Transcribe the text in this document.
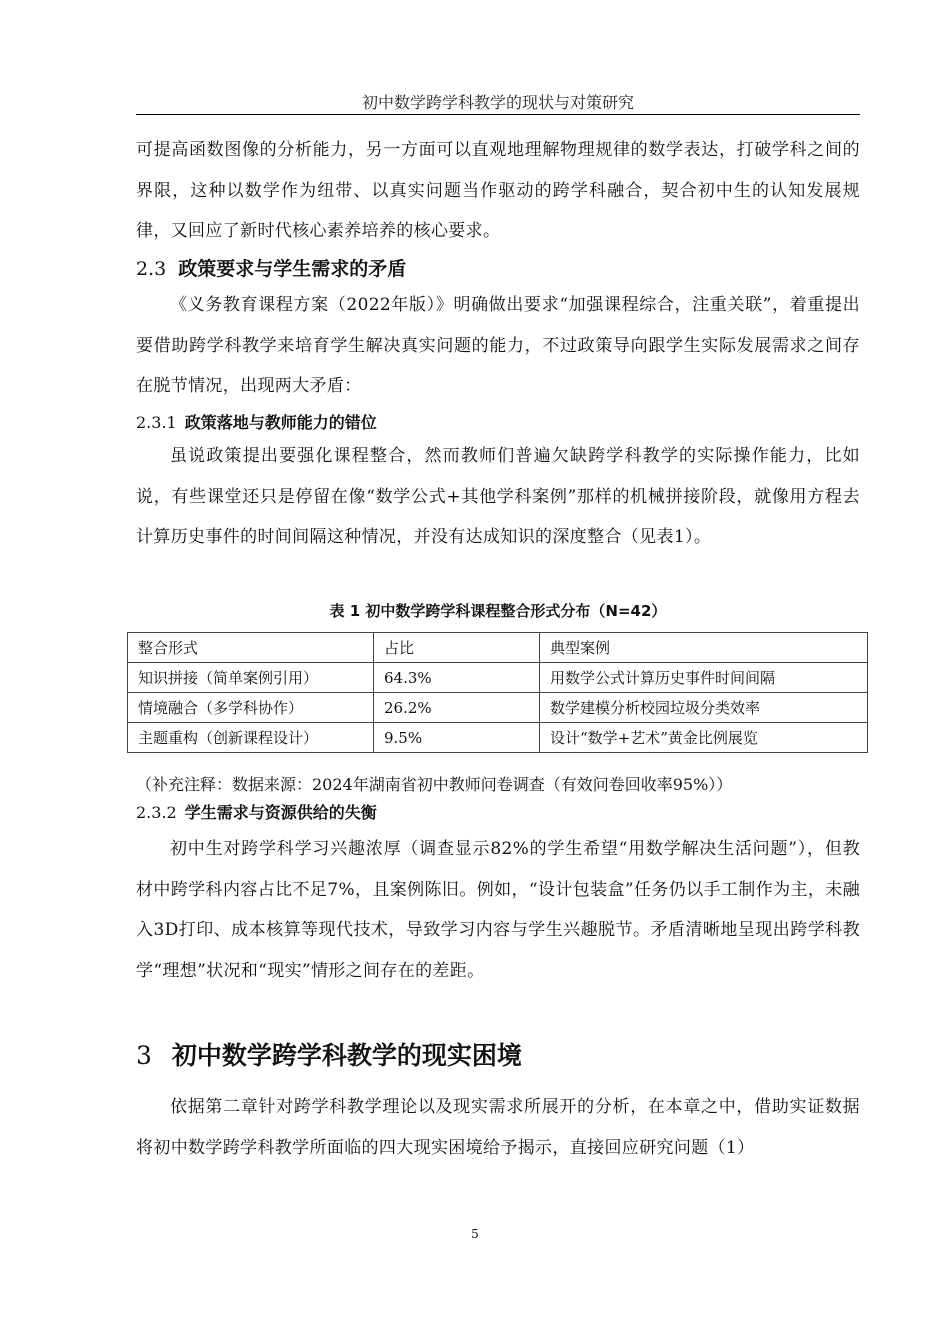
初中数学跨学科教学的现状与对策研究

可提高函数图像的分析能力，另一方面可以直观地理解物理规律的数学表达，打破学科之间的界限，这种以数学作为纽带、以真实问题当作驱动的跨学科融合，契合初中生的认知发展规律，又回应了新时代核心素养培养的核心要求。

2.3 政策要求与学生需求的矛盾

《义务教育课程方案（2022年版）》明确做出要求“加强课程综合，注重关联”，着重提出要借助跨学科教学来培育学生解决真实问题的能力，不过政策导向跟学生实际发展需求之间存在脱节情况，出现两大矛盾：

2.3.1 政策落地与教师能力的错位

虽说政策提出要强化课程整合，然而教师们普遍欠缺跨学科教学的实际操作能力，比如说，有些课堂还只是停留在像“数学公式+其他学科案例”那样的机械拼接阶段，就像用方程去计算历史事件的时间间隔这种情况，并没有达成知识的深度整合（见表1）。

表 1 初中数学跨学科课程整合形式分布（N=42）
整合形式	占比	典型案例
知识拼接（简单案例引用）	64.3%	用数学公式计算历史事件时间间隔
情境融合（多学科协作）	26.2%	数学建模分析校园垃圾分类效率
主题重构（创新课程设计）	9.5%	设计“数学+艺术”黄金比例展览
（补充注释：数据来源：2024年湖南省初中教师问卷调查（有效问卷回收率95%））
2.3.2 学生需求与资源供给的失衡

初中生对跨学科学习兴趣浓厚（调查显示82%的学生希望“用数学解决生活问题”），但教材中跨学科内容占比不足7%，且案例陈旧。例如，“设计包装盒”任务仍以手工制作为主，未融入3D打印、成本核算等现代技术，导致学习内容与学生兴趣脱节。矛盾清晰地呈现出跨学科教学“理想”状况和“现实”情形之间存在的差距。

3 初中数学跨学科教学的现实困境

依据第二章针对跨学科教学理论以及现实需求所展开的分析，在本章之中，借助实证数据将初中数学跨学科教学所面临的四大现实困境给予揭示，直接回应研究问题（1）

5
